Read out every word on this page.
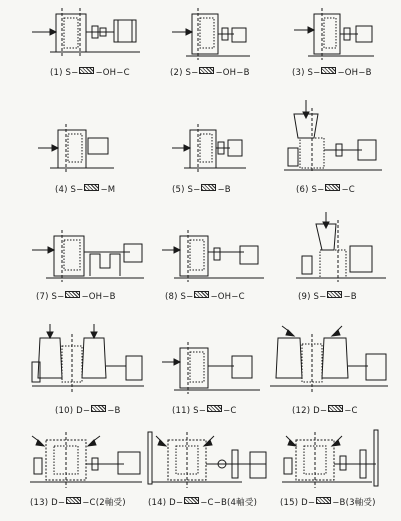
(1) S− −OH−C	(2) S− −OH−B	(3) S− −OH−B
(4) S− −M	(5) S− −B	(6) S− −C
(7) S− −OH−B	(8) S− −OH−C	(9) S− −B
(10) D− −B	(11) S− −C	(12) D− −C
(13) D− −C(2軸受)	(14) D− −C−B(4軸受)	(15) D− −B(3軸受)
